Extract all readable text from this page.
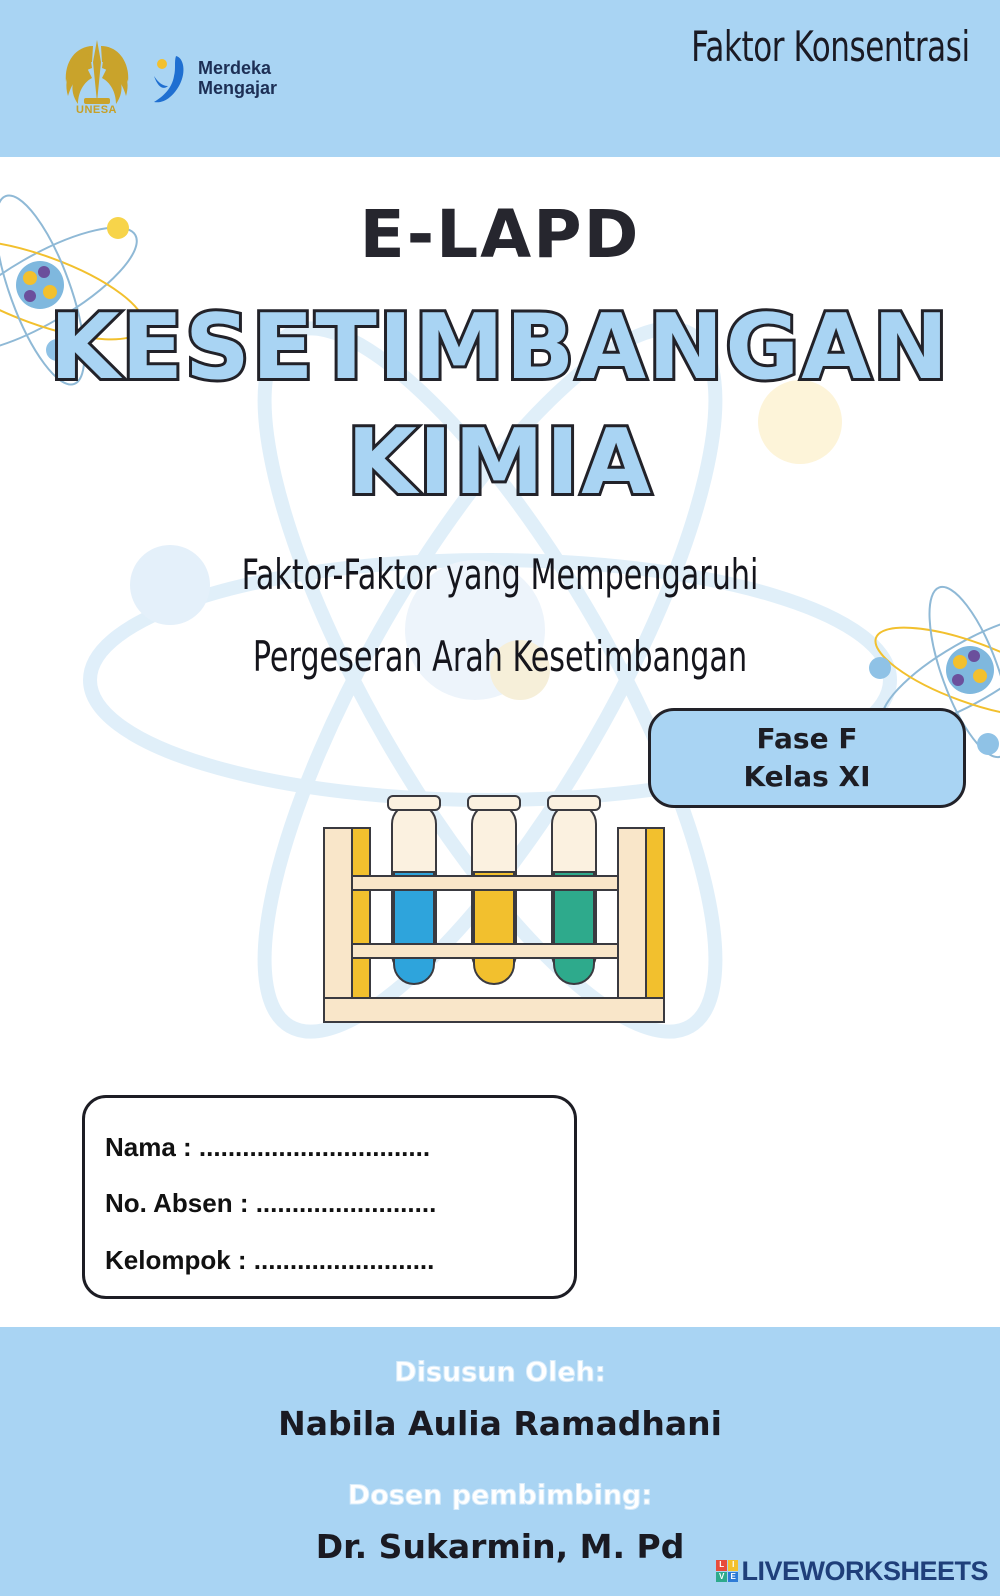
UNESA
Merdeka
Mengajar
Faktor Konsentrasi
E-LAPD
KESETIMBANGAN
KIMIA
Faktor-Faktor yang Mempengaruhi
Pergeseran Arah Kesetimbangan
Fase F
Kelas XI
Nama : ................................
No. Absen : .........................
Kelompok : .........................
Disusun Oleh:
Nabila Aulia Ramadhani
Dosen pembimbing:
Dr. Sukarmin, M. Pd	L I
V E LIVEWORKSHEETS
